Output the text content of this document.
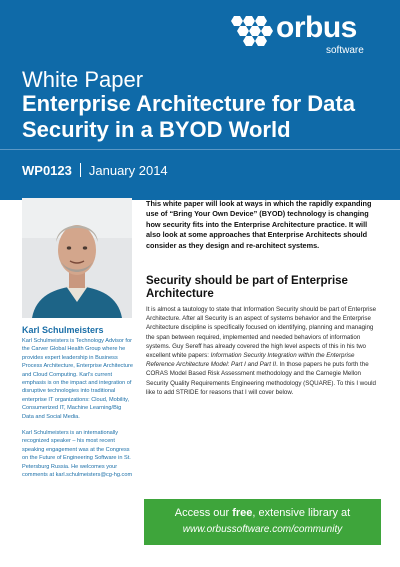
orbus
software
White Paper
Enterprise Architecture for Data Security in a BYOD World
WP0123 January 2014
Karl Schulmeisters

Karl Schulmeisters is Technology Advisor for the Carver Global Health Group where he provides expert leadership in Business Process Architecture, Enterprise Architecture and Cloud Computing. Karl's current emphasis is on the impact and integration of disruptive technologies into traditional enterprise IT organizations: Cloud, Mobility, Consumerized IT, Machine Learning/Big Data and Social Media.

Karl Schulmeisters is an internationally recognized speaker – his most recent speaking engagement was at the Congress on the Future of Engineering Software in St. Petersburg Russia. He welcomes your comments at karl.schulmeisters@cg-hg.com

This white paper will look at ways in which the rapidly expanding use of “Bring Your Own Device” (BYOD) technology is changing how security fits into the Enterprise Architecture practice. It will also look at some approaches that Enterprise Architects should consider as they design and re-architect systems.
Security should be part of Enterprise Architecture
It is almost a tautology to state that Information Security should be part of Enterprise Architecture. After all Security is an aspect of systems behavior and the Enterprise Architecture discipline is specifically focused on identifying, planning and managing the span between required, implemented and needed behaviors of information systems. Guy Sereff has already covered the high level aspects of this in his two excellent white papers: Information Security Integration within the Enterprise Reference Architecture Model: Part I and Part II. In those papers he puts forth the CORAS Model Based Risk Assessment methodology and the Carnegie Mellon Security Quality Requirements Engineering methodology (SQUARE). To this I would like to add STRIDE for reasons that I will cover below.
Access our free, extensive library at
www.orbussoftware.com/community
